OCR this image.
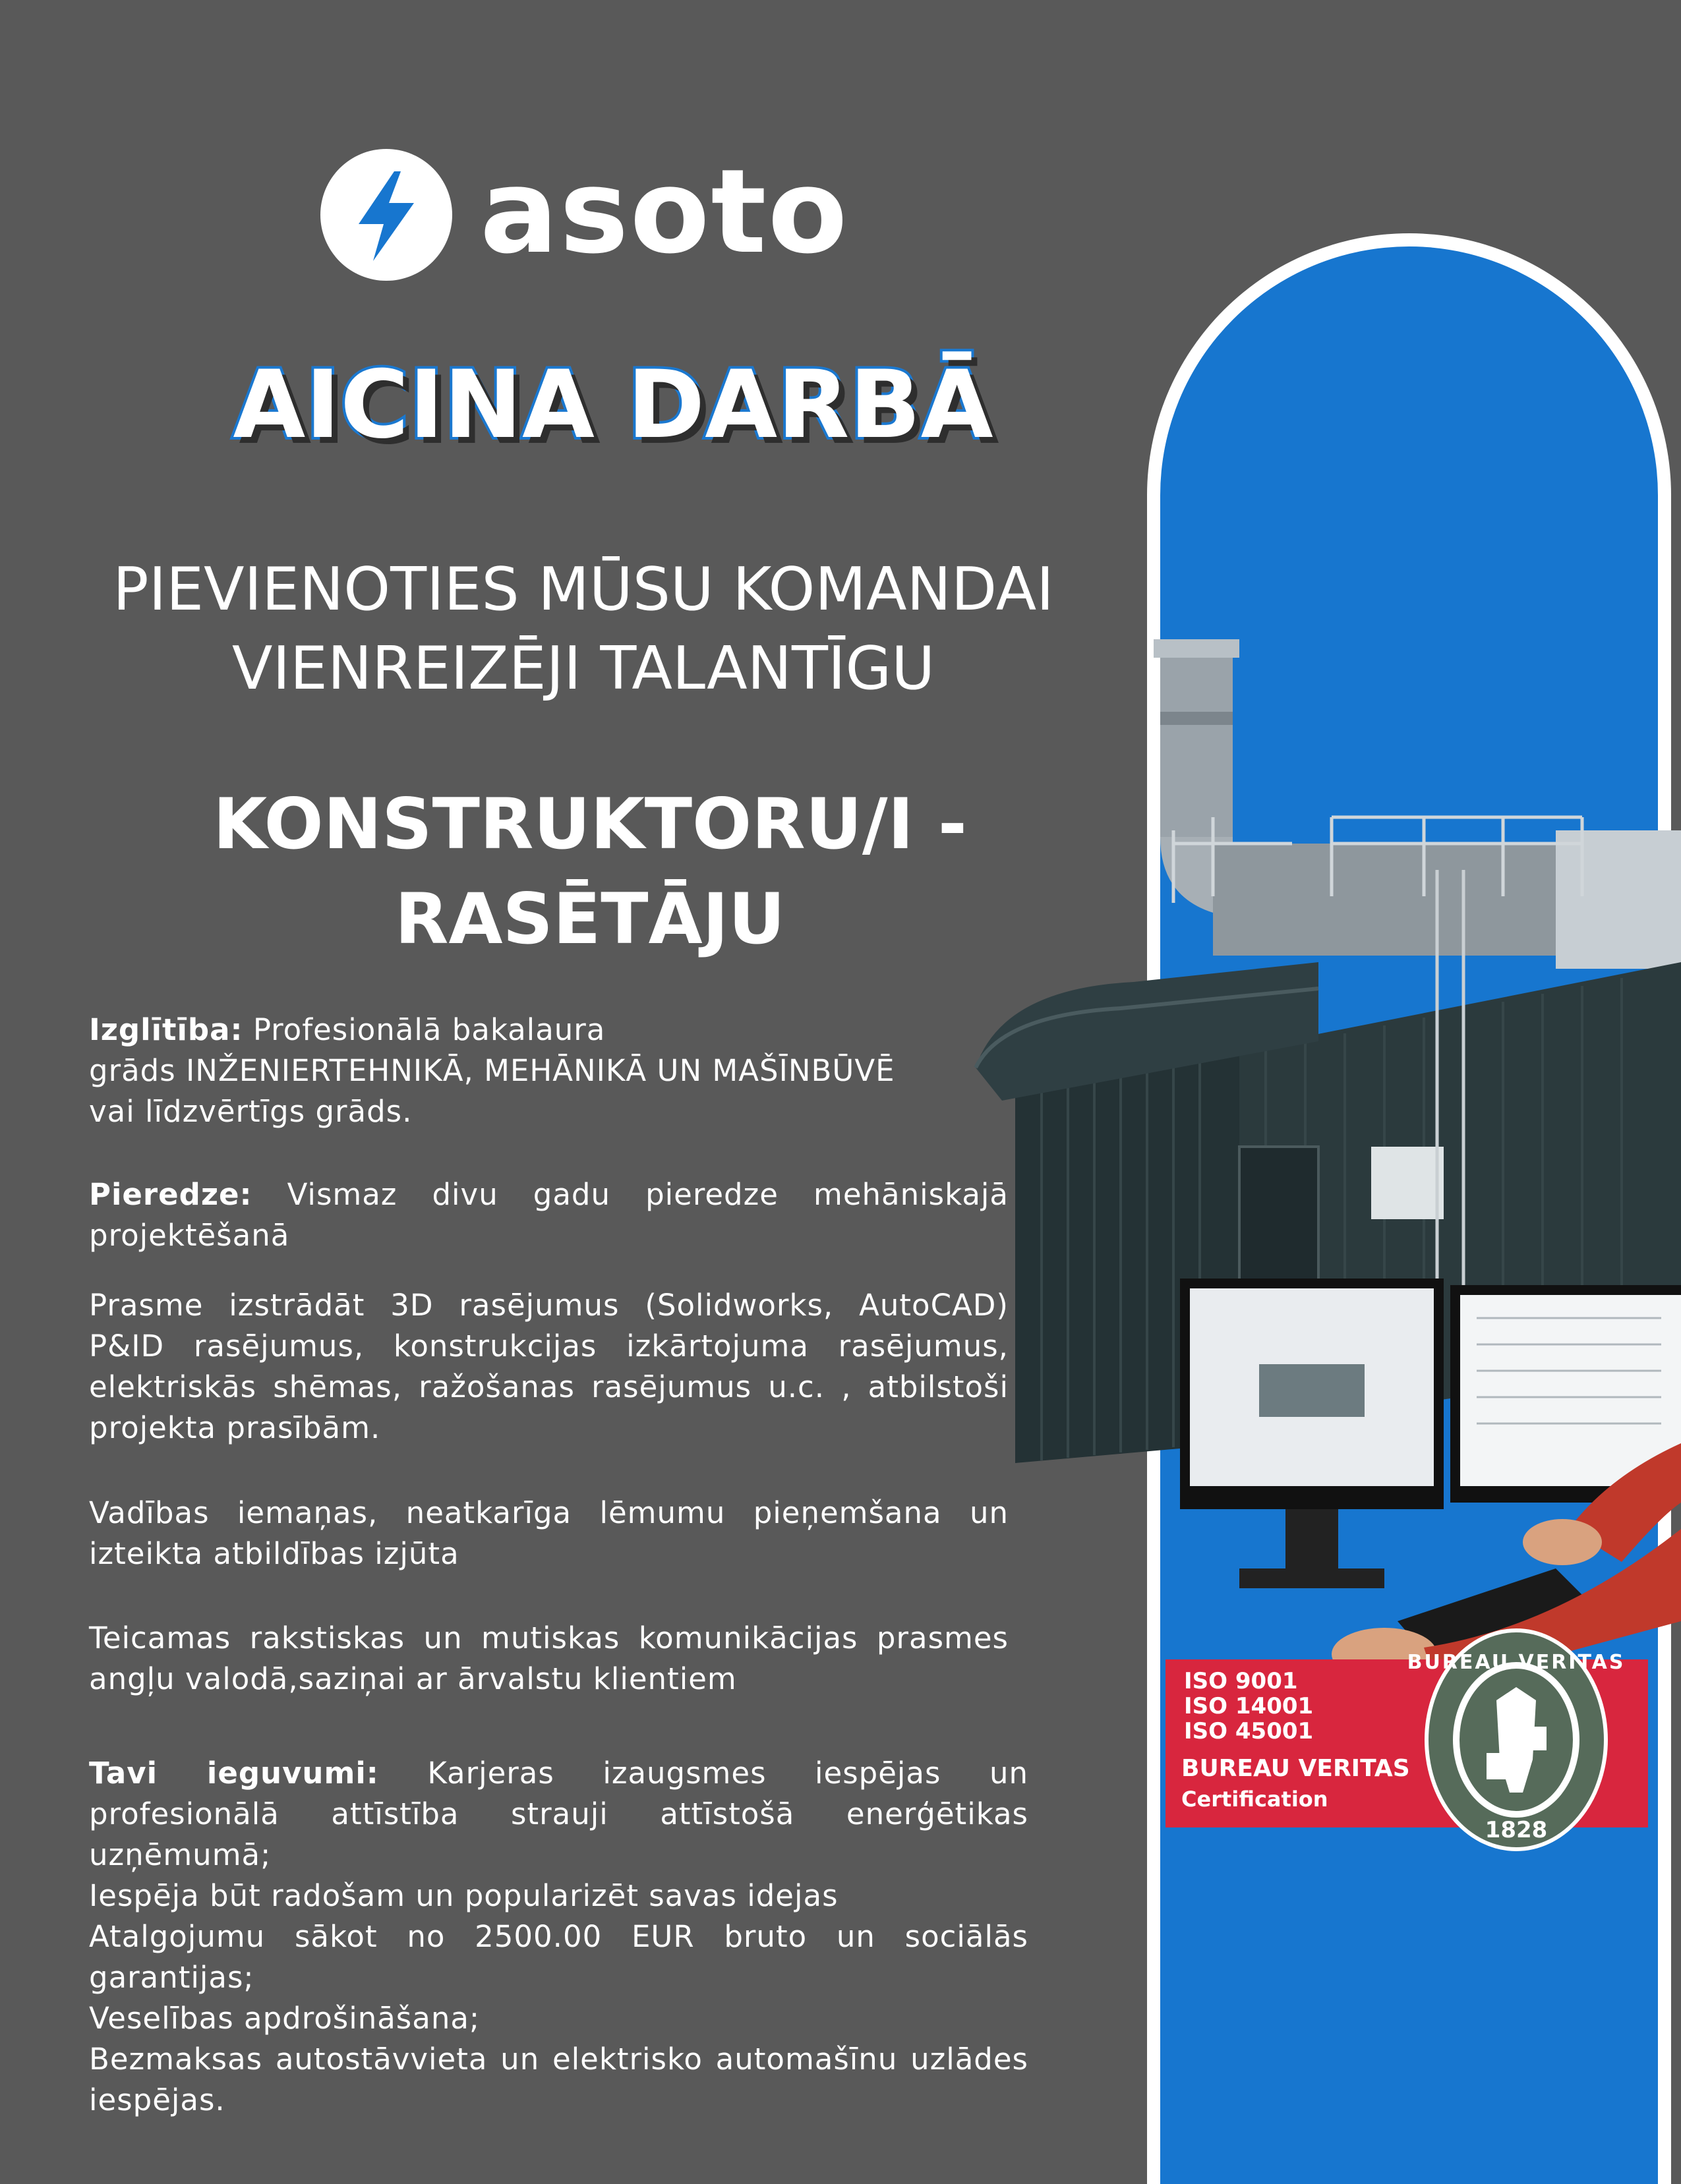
asoto
AICINA DARBĀ
PIEVIENOTIES MŪSU KOMANDAI
VIENREIZĒJI TALANTĪGU
KONSTRUKTORU/I -
RASĒTĀJU
Izglītība: Profesionālā bakalaura
grāds INŽENIERTEHNIKĀ, MEHĀNIKĀ UN MAŠĪNBŪVĒ
vai līdzvērtīgs grāds.
Pieredze: Vismaz divu gadu pieredze mehāniskajā projektēšanā
Prasme izstrādāt 3D rasējumus (Solidworks, AutoCAD) P&ID rasējumus, konstrukcijas izkārtojuma rasējumus, elektriskās shēmas, ražošanas rasējumus u.c. , atbilstoši projekta prasībām.
Vadības iemaņas, neatkarīga lēmumu pieņemšana un izteikta atbildības izjūta
Teicamas rakstiskas un mutiskas komunikācijas prasmes angļu valodā,saziņai ar ārvalstu klientiem
Tavi ieguvumi: Karjeras izaugsmes iespējas un profesionālā attīstība strauji attīstošā enerģētikas uzņēmumā;
Iespēja būt radošam un popularizēt savas idejas
Atalgojumu sākot no 2500.00 EUR bruto un sociālās garantijas;
Veselības apdrošināšana;
Bezmaksas autostāvvieta un elektrisko automašīnu uzlādes iespējas.
ISO 9001
ISO 14001
ISO 45001
BUREAU VERITAS
Certification
BUREAU VERITAS
1828
